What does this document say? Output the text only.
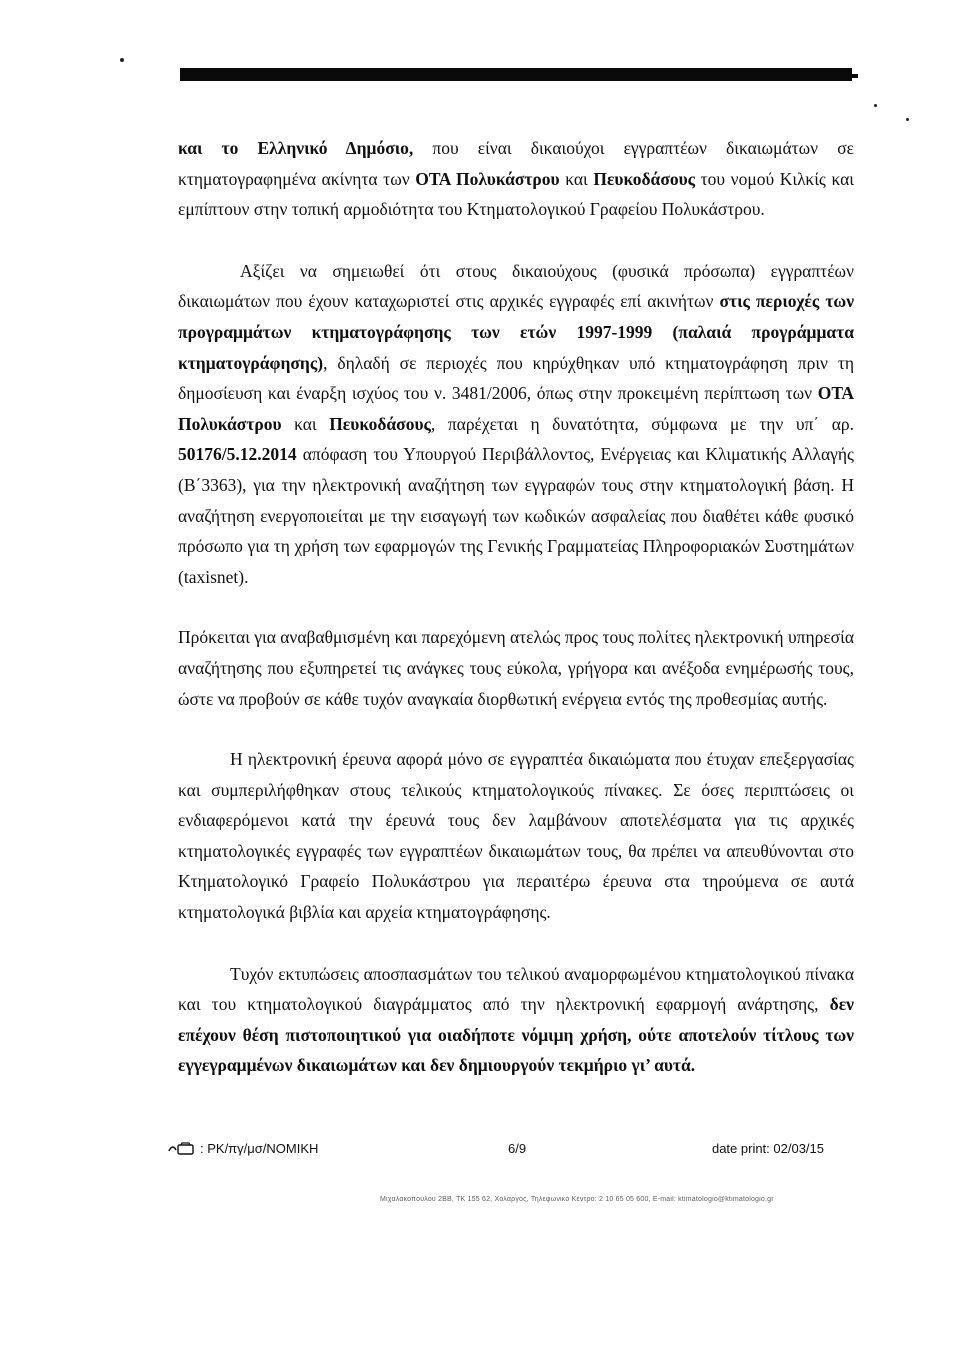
και το Ελληνικό Δημόσιο, που είναι δικαιούχοι εγγραπτέων δικαιωμάτων σε κτηματογραφημένα ακίνητα των ΟΤΑ Πολυκάστρου και Πευκοδάσους του νομού Κιλκίς και εμπίπτουν στην τοπική αρμοδιότητα του Κτηματολογικού Γραφείου Πολυκάστρου.

Αξίζει να σημειωθεί ότι στους δικαιούχους (φυσικά πρόσωπα) εγγραπτέων δικαιωμάτων που έχουν καταχωριστεί στις αρχικές εγγραφές επί ακινήτων στις περιοχές των προγραμμάτων κτηματογράφησης των ετών 1997-1999 (παλαιά προγράμματα κτηματογράφησης), δηλαδή σε περιοχές που κηρύχθηκαν υπό κτηματογράφηση πριν τη δημοσίευση και έναρξη ισχύος του ν. 3481/2006, όπως στην προκειμένη περίπτωση των ΟΤΑ Πολυκάστρου και Πευκοδάσους, παρέχεται η δυνατότητα, σύμφωνα με την υπ΄ αρ. 50176/5.12.2014 απόφαση του Υπουργού Περιβάλλοντος, Ενέργειας και Κλιματικής Αλλαγής (Β΄3363), για την ηλεκτρονική αναζήτηση των εγγραφών τους στην κτηματολογική βάση. Η αναζήτηση ενεργοποιείται με την εισαγωγή των κωδικών ασφαλείας που διαθέτει κάθε φυσικό πρόσωπο για τη χρήση των εφαρμογών της Γενικής Γραμματείας Πληροφοριακών Συστημάτων (taxisnet).

Πρόκειται για αναβαθμισμένη και παρεχόμενη ατελώς προς τους πολίτες ηλεκτρονική υπηρεσία αναζήτησης που εξυπηρετεί τις ανάγκες τους εύκολα, γρήγορα και ανέξοδα ενημέρωσής τους, ώστε να προβούν σε κάθε τυχόν αναγκαία διορθωτική ενέργεια εντός της προθεσμίας αυτής.

Η ηλεκτρονική έρευνα αφορά μόνο σε εγγραπτέα δικαιώματα που έτυχαν επεξεργασίας και συμπεριλήφθηκαν στους τελικούς κτηματολογικούς πίνακες. Σε όσες περιπτώσεις οι ενδιαφερόμενοι κατά την έρευνά τους δεν λαμβάνουν αποτελέσματα για τις αρχικές κτηματολογικές εγγραφές των εγγραπτέων δικαιωμάτων τους, θα πρέπει να απευθύνονται στο Κτηματολογικό Γραφείο Πολυκάστρου για περαιτέρω έρευνα στα τηρούμενα σε αυτά κτηματολογικά βιβλία και αρχεία κτηματογράφησης.

Τυχόν εκτυπώσεις αποσπασμάτων του τελικού αναμορφωμένου κτηματολογικού πίνακα και του κτηματολογικού διαγράμματος από την ηλεκτρονική εφαρμογή ανάρτησης, δεν επέχουν θέση πιστοποιητικού για οιαδήποτε νόμιμη χρήση, ούτε αποτελούν τίτλους των εγγεγραμμένων δικαιωμάτων και δεν δημιουργούν τεκμήριο γι’ αυτά.

: ΡΚ/πγ/μσ/ΝΟΜΙΚΗ	6/9	date print: 02/03/15
Μιχαλακοπούλου 2ΒΒ, ΤΚ 155 62, Χολαργός, Τηλεφωνικό Κέντρο: 2 10 65 05 600, E-mail: ktimatologio@ktimatologio.gr
